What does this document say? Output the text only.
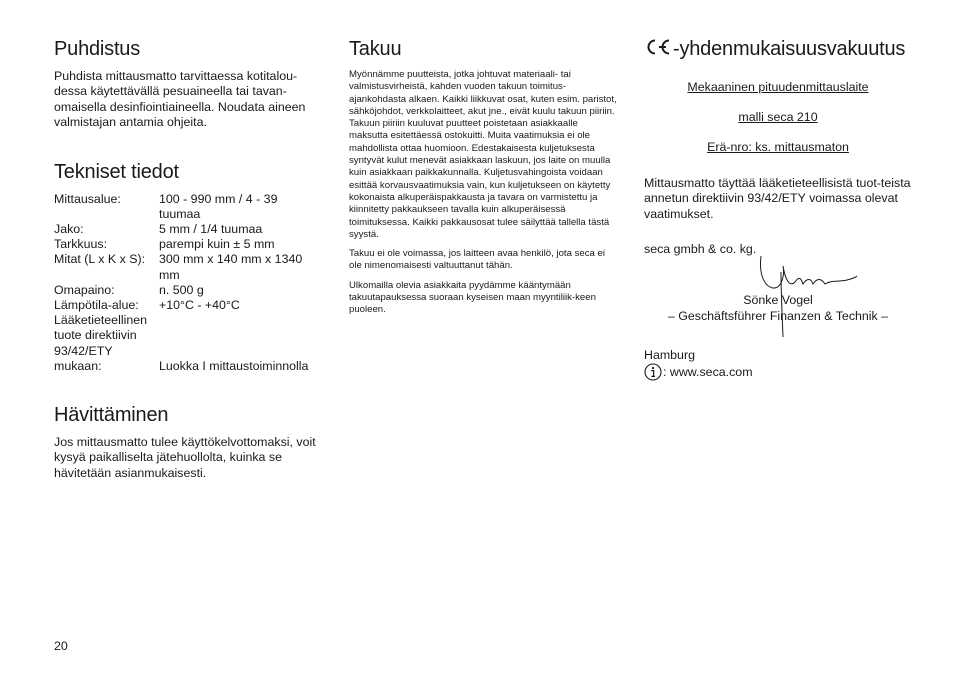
Puhdistus

Puhdista mittausmatto tarvittaessa kotitalou-dessa käytettävällä pesuaineella tai tavan-omaisella desinfiointiaineella. Noudata aineen valmistajan antamia ohjeita.

Tekniset tiedot
Mittausalue:	100 - 990 mm / 4 - 39 tuumaa
Jako:	5 mm / 1/4 tuumaa
Tarkkuus:	parempi kuin ± 5 mm
Mitat (L x K x S):	300 mm x 140 mm x 1340 mm
Omapaino:	n. 500 g
Lämpötila-alue:	+10°C - +40°C
Lääketieteellinen tuote direktiivin 93/42/ETY mukaan:	Luokka I mittaustoiminnolla
Hävittäminen

Jos mittausmatto tulee käyttökelvottomaksi, voit kysyä paikalliselta jätehuollolta, kuinka se hävitetään asianmukaisesti.

Takuu

Myönnämme puutteista, jotka johtuvat materiaali- tai valmistusvirheistä, kahden vuoden takuun toimitus-ajankohdasta alkaen. Kaikki liikkuvat osat, kuten esim. paristot, sähköjohdot, verkkolaitteet, akut jne., eivät kuulu takuun piiriin. Takuun piiriin kuuluvat puutteet poistetaan asiakkaalle maksutta esitettäessä ostokuitti. Muita vaatimuksia ei ole mahdollista ottaa huomioon. Edestakaisesta kuljetuksesta syntyvät kulut menevät asiakkaan laskuun, jos laite on muulla kuin asiakkaan paikkakunnalla. Kuljetusvahingoista voidaan esittää korvausvaatimuksia vain, kun kuljetukseen on käytetty kokonaista alkuperäispakkausta ja tavara on varmistettu ja kiinnitetty pakkaukseen tavalla kuin alkuperäisessä toimituksessa. Kaikki pakkausosat tulee säilyttää tallella tästä syystä.

Takuu ei ole voimassa, jos laitteen avaa henkilö, jota seca ei ole nimenomaisesti valtuuttanut tähän.

Ulkomailla olevia asiakkaita pyydämme kääntymään takuutapauksessa suoraan kyseisen maan myyntiliik-keen puoleen.

-yhdenmukaisuusvakuutus

Mekaaninen pituudenmittauslaite

malli seca 210

Erä-nro: ks. mittausmaton

Mittausmatto täyttää lääketieteellisistä tuot-teista annetun direktiivin 93/42/ETY voimassa olevat vaatimukset.

seca gmbh & co. kg.

Sönke Vogel
– Geschäftsführer Finanzen & Technik –

Hamburg

: www.seca.com
20
